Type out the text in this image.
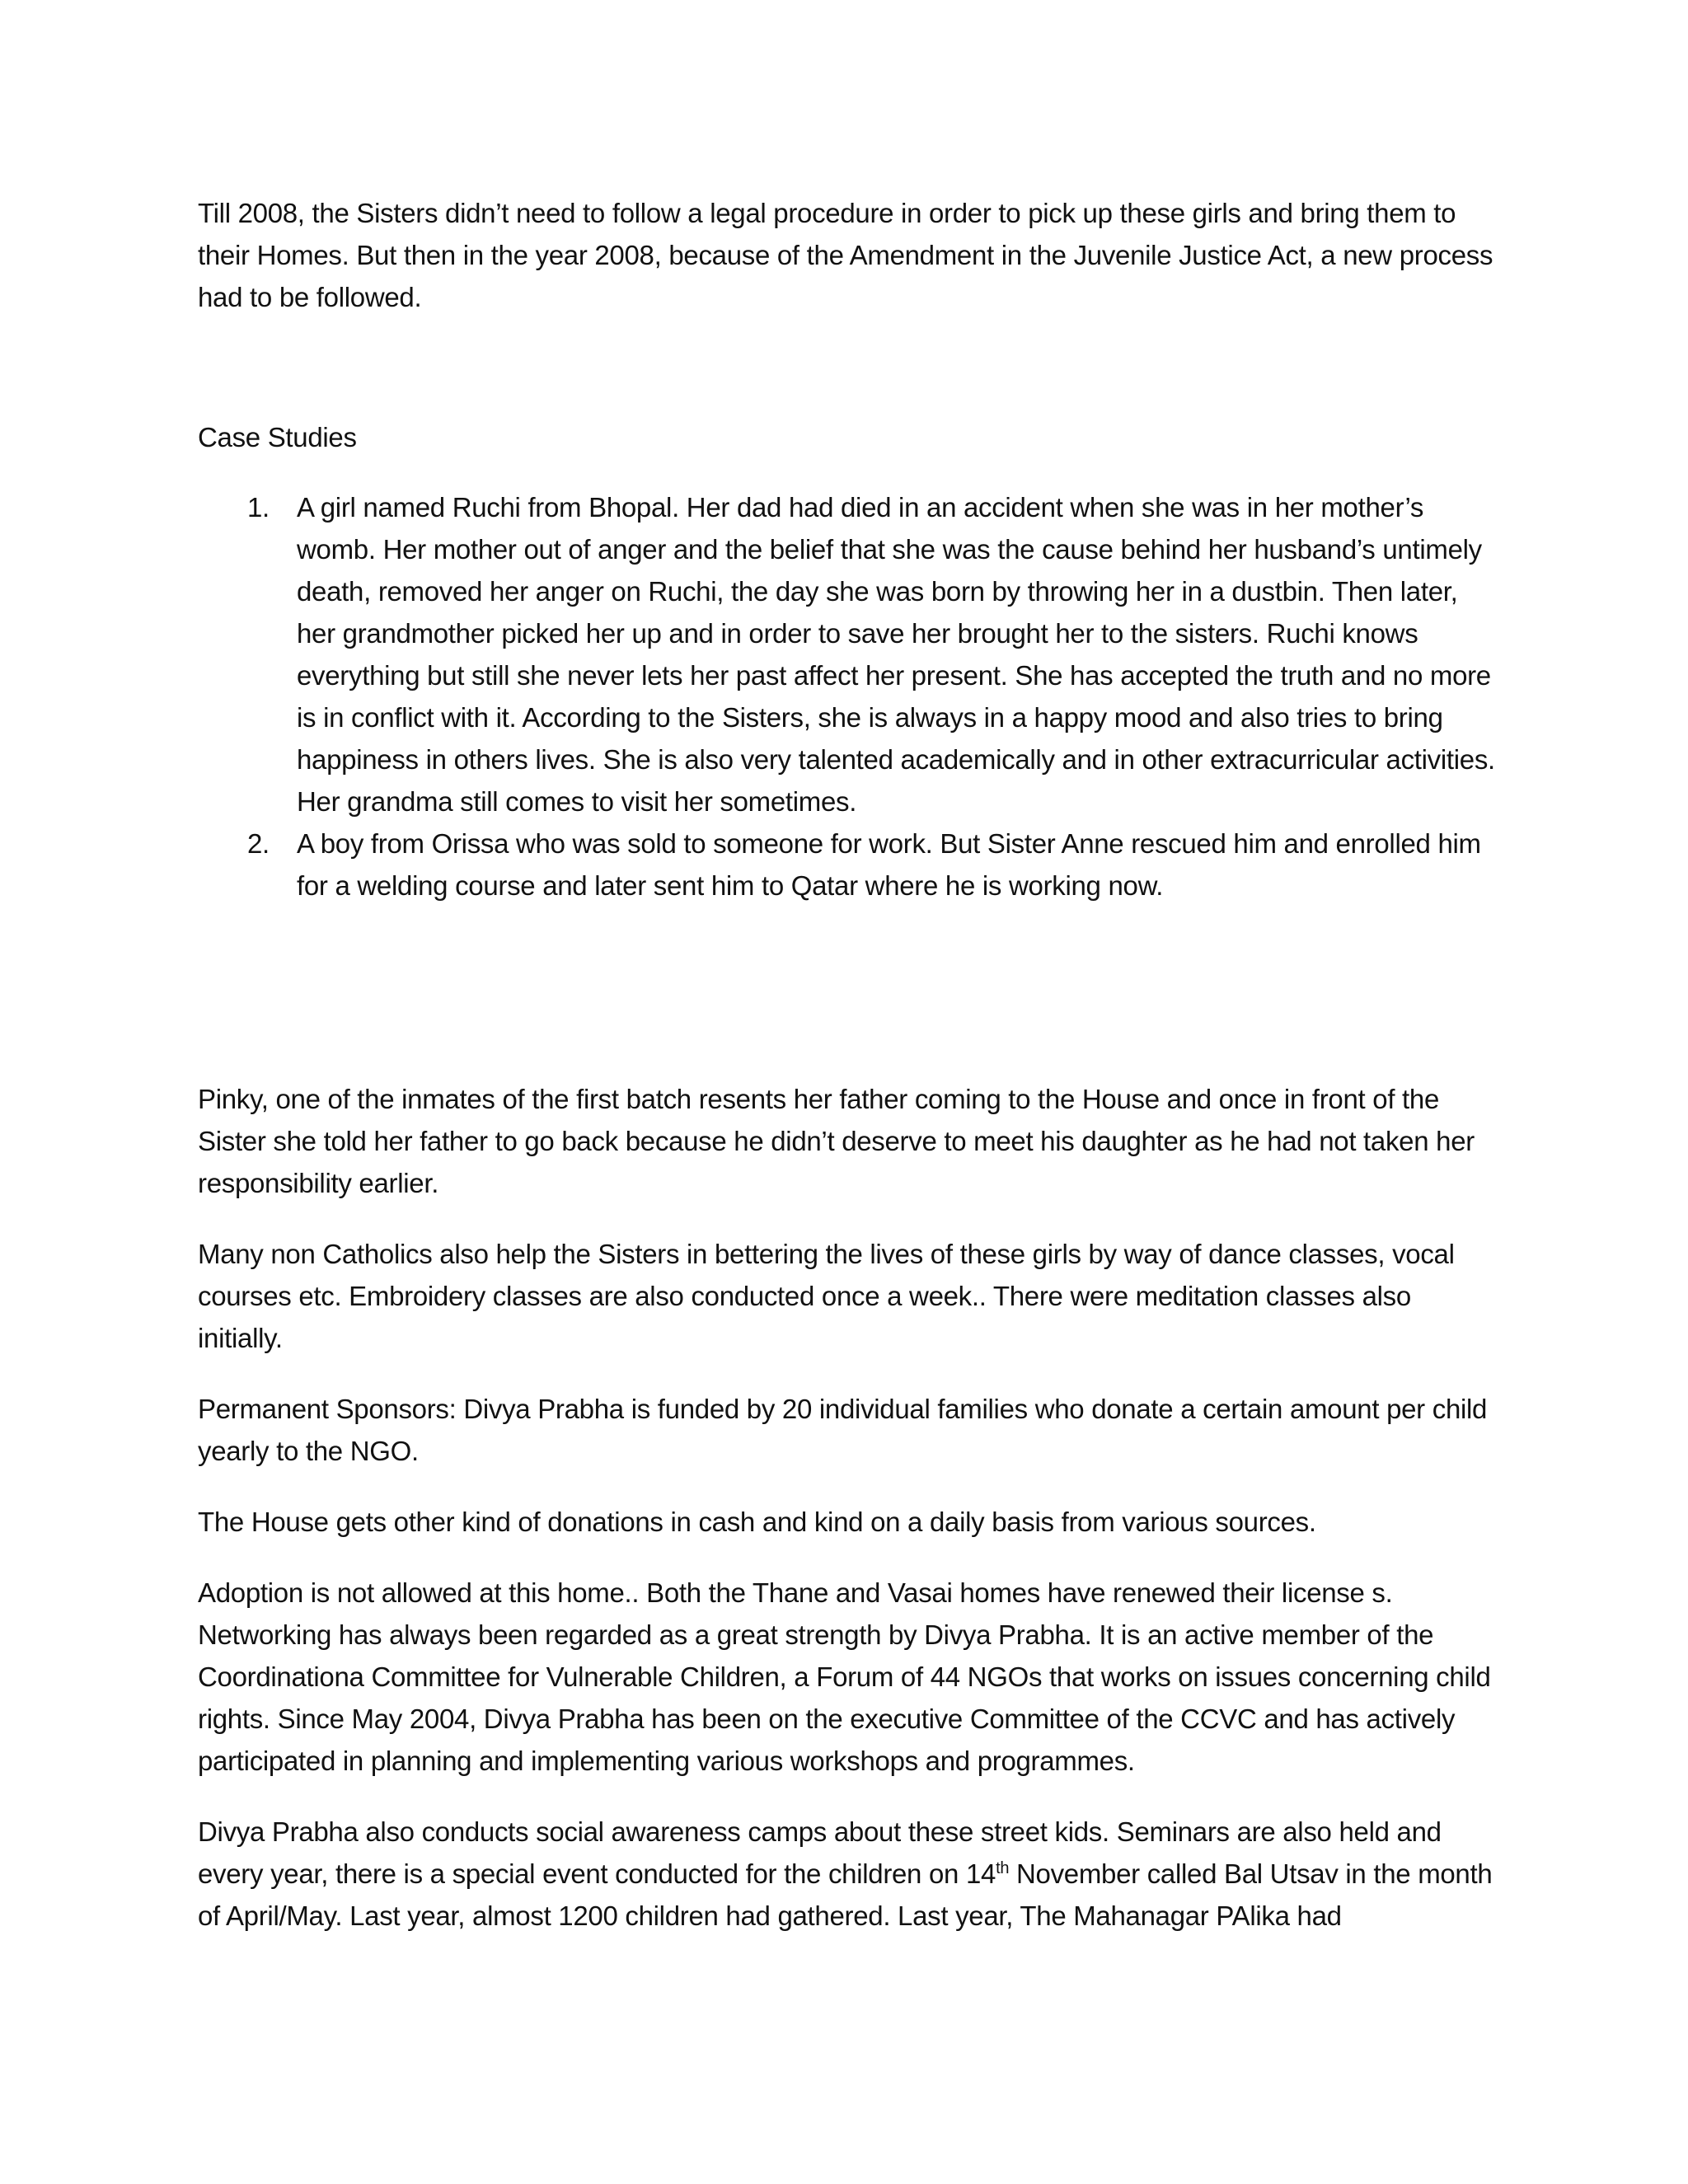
Till 2008, the Sisters didn’t need to follow a legal procedure in order to pick up these girls and bring them to their Homes. But then in the year 2008, because of the Amendment in the Juvenile Justice Act, a new process had to be followed.

Case Studies

1. A girl named Ruchi from Bhopal. Her dad had died in an accident when she was in her mother’s womb. Her mother out of anger and the belief that she was the cause behind her husband’s untimely death, removed her anger on Ruchi, the day she was born by throwing her in a dustbin. Then later, her grandmother picked her up and in order to save her brought her to the sisters. Ruchi knows everything but still she never lets her past affect her present. She has accepted the truth and no more is in conflict with it. According to the Sisters, she is always in a happy mood and also tries to bring happiness in others lives. She is also very talented academically and in other extracurricular activities. Her grandma still comes to visit her sometimes.
2. A boy from Orissa who was sold to someone for work. But Sister Anne rescued him and enrolled him for a welding course and later sent him to Qatar where he is working now.

Pinky, one of the inmates of the first batch resents her father coming to the House and once in front of the Sister she told her father to go back because he didn’t deserve to meet his daughter as he had not taken her responsibility earlier.

Many non Catholics also help the Sisters in bettering the lives of these girls by way of dance classes, vocal courses etc. Embroidery classes are also conducted once a week.. There were meditation classes also initially.

Permanent Sponsors: Divya Prabha is funded by 20 individual families who donate a certain amount per child yearly to the NGO.

The House gets other kind of donations in cash and kind on a daily basis from various sources.

Adoption is not allowed at this home.. Both the Thane and Vasai homes have renewed their license s. Networking has always been regarded as a great strength by Divya Prabha. It is an active member of the Coordinationa Committee for Vulnerable Children, a Forum of 44 NGOs that works on issues concerning child rights. Since May 2004, Divya Prabha has been on the executive Committee of the CCVC and has actively participated in planning and implementing various workshops and programmes.

Divya Prabha also conducts social awareness camps about these street kids. Seminars are also held and every year, there is a special event conducted for the children on 14th November called Bal Utsav in the month of April/May. Last year, almost 1200 children had gathered. Last year, The Mahanagar PAlika had
